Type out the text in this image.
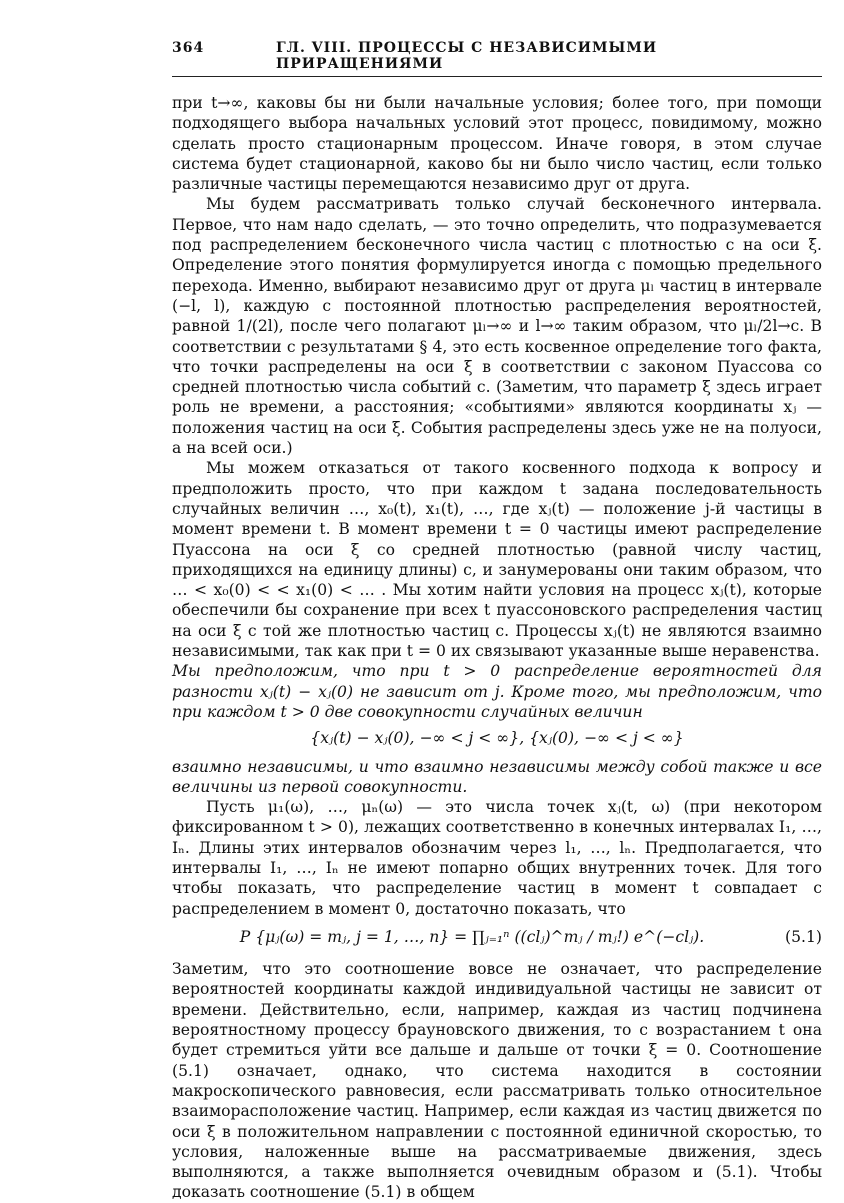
364	ГЛ. VIII. ПРОЦЕССЫ С НЕЗАВИСИМЫМИ ПРИРАЩЕНИЯМИ

при t→∞, каковы бы ни были начальные условия; более того, при помощи подходящего выбора начальных условий этот процесс, повидимому, можно сделать просто стационарным процессом. Иначе говоря, в этом случае система будет стационарной, каково бы ни было число частиц, если только различные частицы перемещаются независимо друг от друга.

Мы будем рассматривать только случай бесконечного интервала. Первое, что нам надо сделать, — это точно определить, что подразумевается под распределением бесконечного числа частиц с плотностью c на оси ξ. Определение этого понятия формулируется иногда с помощью предельного перехода. Именно, выбирают независимо друг от друга μₗ частиц в интервале (−l, l), каждую с постоянной плотностью распределения вероятностей, равной 1/(2l), после чего полагают μₗ→∞ и l→∞ таким образом, что μₗ/2l→c. В соответствии с результатами § 4, это есть косвенное определение того факта, что точки распределены на оси ξ в соответствии с законом Пуассова со средней плотностью числа событий c. (Заметим, что параметр ξ здесь играет роль не времени, а расстояния; «событиями» являются координаты xⱼ — положения частиц на оси ξ. События распределены здесь уже не на полуоси, а на всей оси.)

Мы можем отказаться от такого косвенного подхода к вопросу и предположить просто, что при каждом t задана последовательность случайных величин …, x₀(t), x₁(t), …, где xⱼ(t) — положение j-й частицы в момент времени t. В момент времени t = 0 частицы имеют распределение Пуассона на оси ξ со средней плотностью (равной числу частиц, приходящихся на единицу длины) c, и занумерованы они таким образом, что … < x₀(0) < < x₁(0) < … . Мы хотим найти условия на процесс xⱼ(t), которые обеспечили бы сохранение при всех t пуассоновского распределения частиц на оси ξ с той же плотностью частиц c. Процессы xⱼ(t) не являются взаимно независимыми, так как при t = 0 их связывают указанные выше неравенства.

Мы предположим, что при t > 0 распределение вероятностей для разности xⱼ(t) − xⱼ(0) не зависит от j. Кроме того, мы предположим, что при каждом t > 0 две совокупности случайных величин

{xⱼ(t) − xⱼ(0), −∞ < j < ∞}, {xⱼ(0), −∞ < j < ∞}

взаимно независимы, и что взаимно независимы между собой также и все величины из первой совокупности.

Пусть μ₁(ω), …, μₙ(ω) — это числа точек xⱼ(t, ω) (при некотором фиксированном t > 0), лежащих соответственно в конечных интервалах I₁, …, Iₙ. Длины этих интервалов обозначим через l₁, …, lₙ. Предполагается, что интервалы I₁, …, Iₙ не имеют попарно общих внутренних точек. Для того чтобы показать, что распределение частиц в момент t совпадает с распределением в момент 0, достаточно показать, что

P {μⱼ(ω) = mⱼ, j = 1, …, n} = ∏ⱼ₌₁ⁿ ((clⱼ)^mⱼ / mⱼ!) e^(−clⱼ).	(5.1)

Заметим, что это соотношение вовсе не означает, что распределение вероятностей координаты каждой индивидуальной частицы не зависит от времени. Действительно, если, например, каждая из частиц подчинена вероятностному процессу брауновского движения, то с возрастанием t она будет стремиться уйти все дальше и дальше от точки ξ = 0. Соотношение (5.1) означает, однако, что система находится в состоянии макроскопического равновесия, если рассматривать только относительное взаиморасположение частиц. Например, если каждая из частиц движется по оси ξ в положительном направлении с постоянной единичной скоростью, то условия, наложенные выше на рассматриваемые движения, здесь выполняются, а также выполняется очевидным образом и (5.1). Чтобы доказать соотношение (5.1) в общем
